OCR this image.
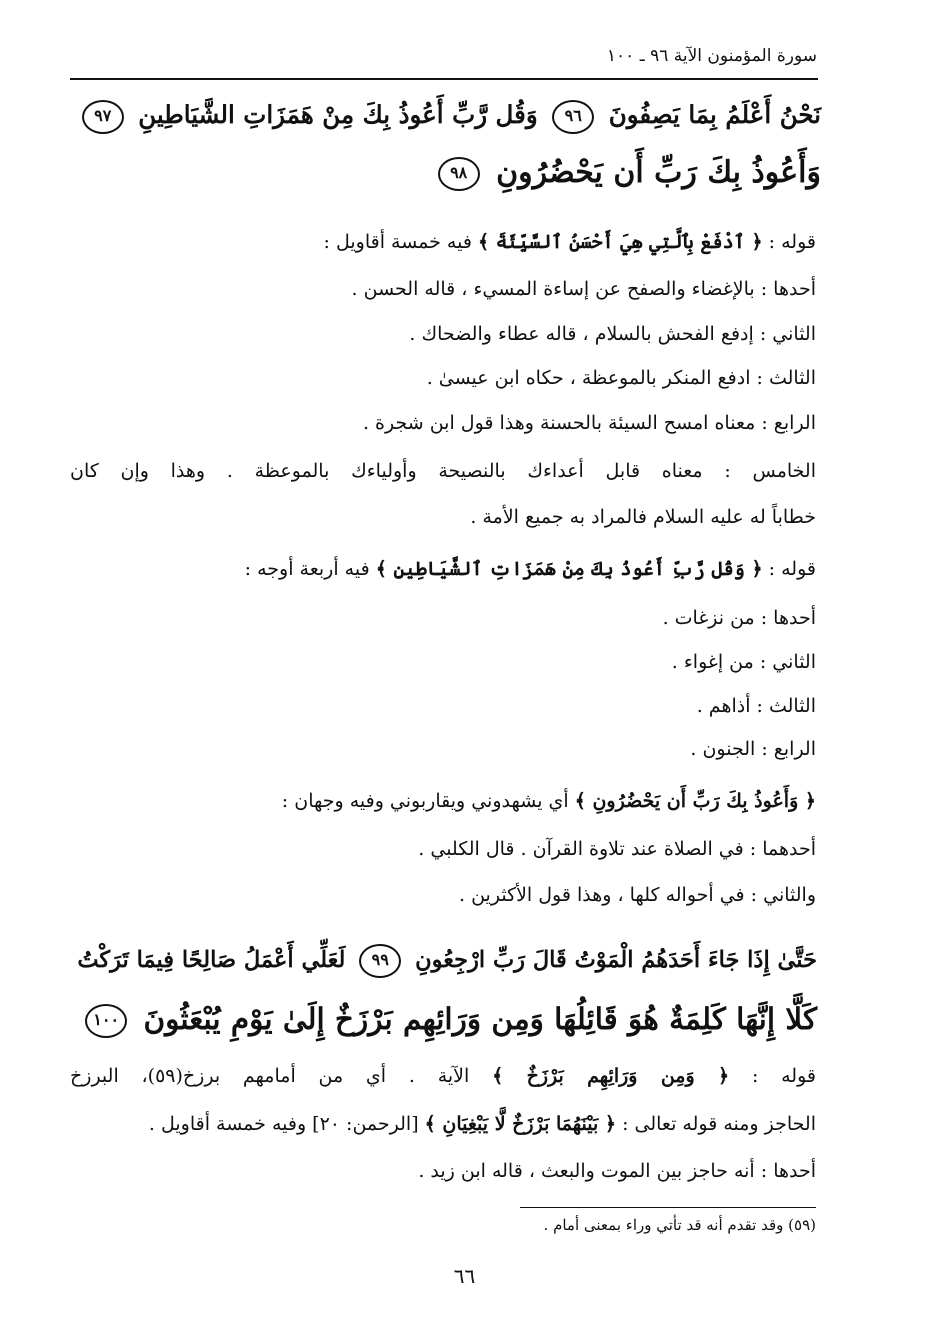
سورة المؤمنون الآية ٩٦ ـ ١٠٠
نَحْنُ أَعْلَمُ بِمَا يَصِفُونَ ٩٦ وَقُل رَّبِّ أَعُوذُ بِكَ مِنْ هَمَزَاتِ الشَّيَاطِينِ ٩٧
وَأَعُوذُ بِكَ رَبِّ أَن يَحْضُرُونِ ٩٨
قوله : ﴿ ٱدْفَعْ بِٱلَّتِي هِيَ أَحْسَنُ ٱلسَّيِّئَةَ ﴾ فيه خمسة أقاويل :
أحدها : بالإغضاء والصفح عن إساءة المسيء ، قاله الحسن .
الثاني : إدفع الفحش بالسلام ، قاله عطاء والضحاك .
الثالث : ادفع المنكر بالموعظة ، حكاه ابن عيسىٰ .
الرابع : معناه امسح السيئة بالحسنة وهذا قول ابن شجرة .
الخامس : معناه قابل أعداءك بالنصيحة وأولياءك بالموعظة . وهذا وإن كان
خطاباً له عليه السلام فالمراد به جميع الأمة .
قوله : ﴿ وَقُل رَّبِّ أَعُوذُ بِكَ مِنْ هَمَزَاتِ ٱلشَّيَاطِينِ ﴾ فيه أربعة أوجه :
أحدها : من نزغات .
الثاني : من إغواء .
الثالث : أذاهم .
الرابع : الجنون .
﴿ وَأَعُوذُ بِكَ رَبِّ أَن يَحْضُرُونِ ﴾ أي يشهدوني ويقاربوني وفيه وجهان :
أحدهما : في الصلاة عند تلاوة القرآن . قال الكلبي .
والثاني : في أحواله كلها ، وهذا قول الأكثرين .
حَتَّىٰ إِذَا جَاءَ أَحَدَهُمُ الْمَوْتُ قَالَ رَبِّ ارْجِعُونِ ٩٩ لَعَلِّي أَعْمَلُ صَالِحًا فِيمَا تَرَكْتُ
كَلَّا إِنَّهَا كَلِمَةٌ هُوَ قَائِلُهَا وَمِن وَرَائِهِم بَرْزَخٌ إِلَىٰ يَوْمِ يُبْعَثُونَ ١٠٠
قوله : ﴿ وَمِن وَرَائِهِم بَرْزَخٌ ﴾ الآية . أي من أمامهم برزخ(٥٩)، البرزخ
الحاجز ومنه قوله تعالى : ﴿ بَيْنَهُمَا بَرْزَخٌ لَّا يَبْغِيَانِ ﴾ [الرحمن: ٢٠] وفيه خمسة أقاويل .
أحدها : أنه حاجز بين الموت والبعث ، قاله ابن زيد .
(٥٩) وقد تقدم أنه قد تأتي وراء بمعنى أمام .
٦٦
